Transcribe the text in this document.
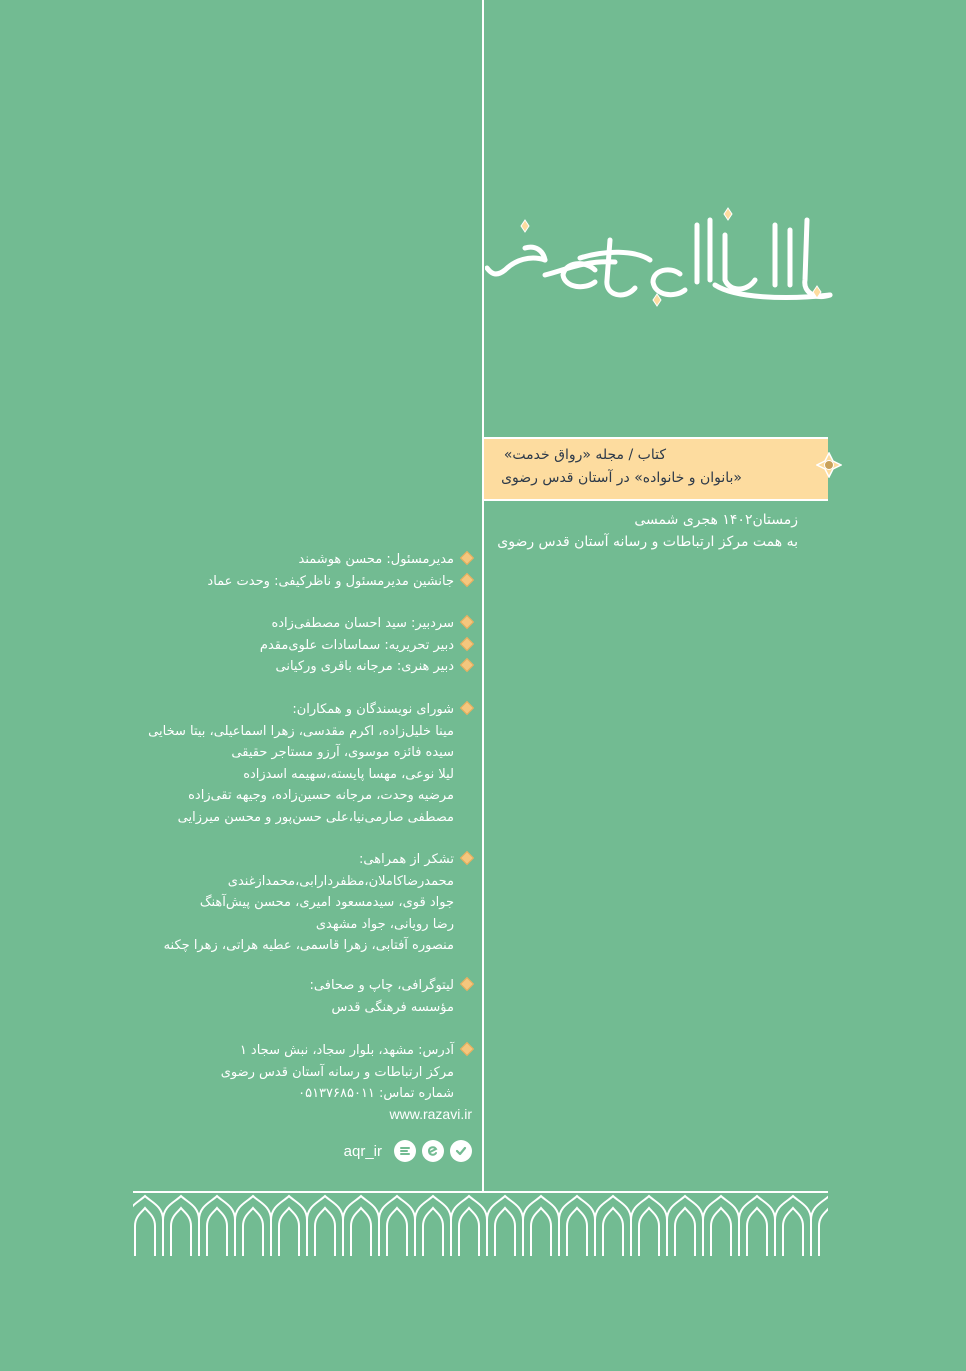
کتاب / مجله «رواق خدمت»
«بانوان و خانواده» در آستان قدس رضوی
زمستان۱۴۰۲ هجری شمسی
به همت مرکز ارتباطات و رسانه آستان قدس رضوی
مدیرمسئول: محسن هوشمند
جانشین مدیرمسئول و ناظرکیفی: وحدت عماد
سردبیر: سید احسان مصطفی‌زاده
دبیر تحریریه: سماسادات علوی‌مقدم
دبیر هنری: مرجانه باقری ورکیانی
شورای نویسندگان و همکاران:
مینا خلیل‌زاده، اکرم مقدسی، زهرا اسماعیلی، بیتا سخایی
سیده فائزه موسوی، آرزو مستاجر حقیقی
لیلا نوعی، مهسا پایسته،سهیمه اسدزاده
مرضیه وحدت، مرجانه حسین‌زاده، وجیهه تقی‌زاده
مصطفی صارمی‌نیا،علی حسن‌پور و محسن میرزایی
تشکر از همراهی:
محمدرضاکاملان،مظفردارابی،محمدازغندی
جواد قوی، سیدمسعود امیری، محسن پیش‌آهنگ
رضا رویانی، جواد مشهدی
منصوره آفتابی، زهرا قاسمی، عطیه هراتی، زهرا چکنه
لیتوگرافی، چاپ و صحافی:
مؤسسه فرهنگی قدس
آدرس: مشهد، بلوار سجاد، نبش سجاد ۱
مرکز ارتباطات و رسانه آستان قدس رضوی
شماره تماس: ۰۵۱۳۷۶۸۵۰۱۱
www.razavi.ir
aqr_ir
